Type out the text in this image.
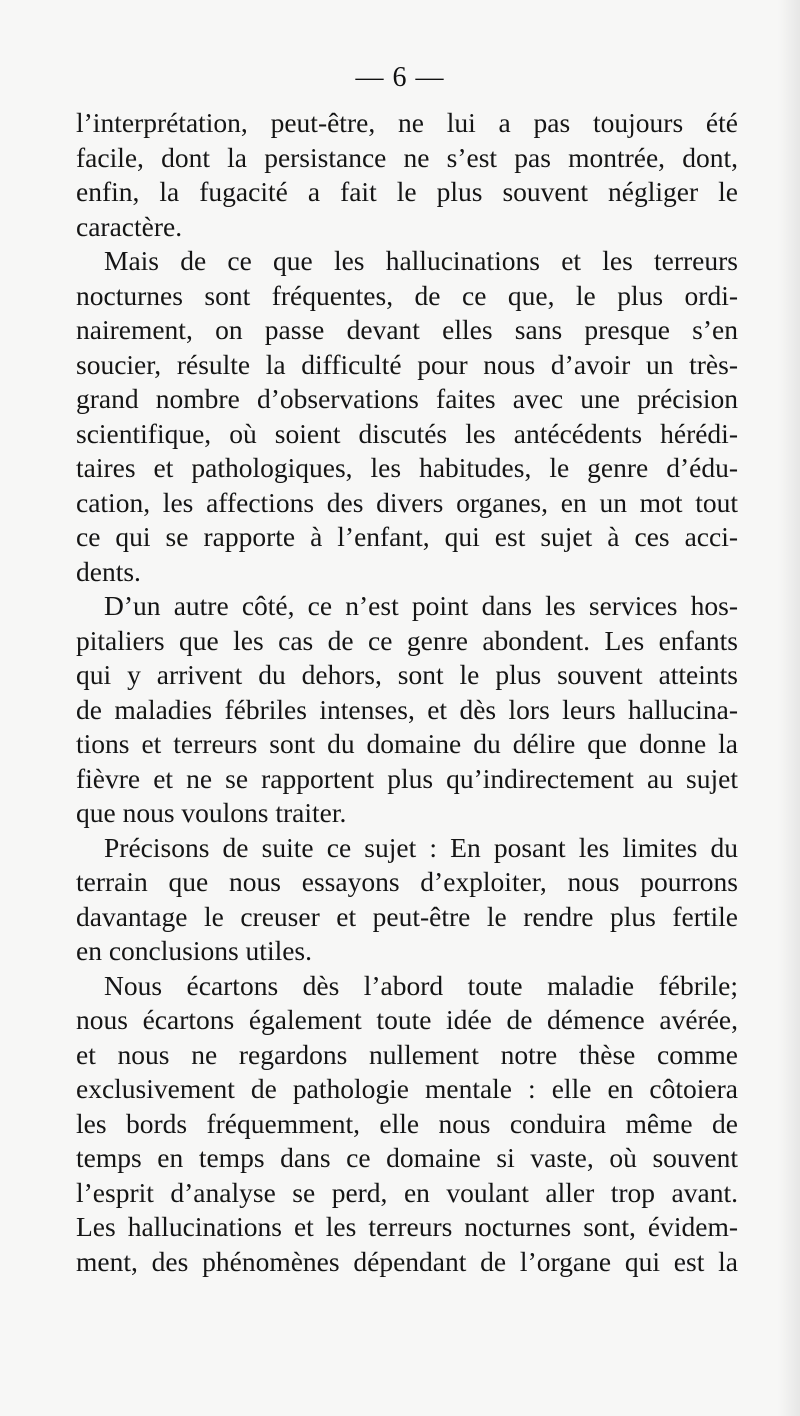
— 6 —
l’interprétation, peut-être, ne lui a pas toujours été
facile, dont la persistance ne s’est pas montrée, dont,
enfin, la fugacité a fait le plus souvent négliger le
caractère.
Mais de ce que les hallucinations et les terreurs
nocturnes sont fréquentes, de ce que, le plus ordi-
nairement, on passe devant elles sans presque s’en
soucier, résulte la difficulté pour nous d’avoir un très-
grand nombre d’observations faites avec une précision
scientifique, où soient discutés les antécédents hérédi-
taires et pathologiques, les habitudes, le genre d’édu-
cation, les affections des divers organes, en un mot tout
ce qui se rapporte à l’enfant, qui est sujet à ces acci-
dents.
D’un autre côté, ce n’est point dans les services hos-
pitaliers que les cas de ce genre abondent. Les enfants
qui y arrivent du dehors, sont le plus souvent atteints
de maladies fébriles intenses, et dès lors leurs hallucina-
tions et terreurs sont du domaine du délire que donne la
fièvre et ne se rapportent plus qu’indirectement au sujet
que nous voulons traiter.
Précisons de suite ce sujet : En posant les limites du
terrain que nous essayons d’exploiter, nous pourrons
davantage le creuser et peut-être le rendre plus fertile
en conclusions utiles.
Nous écartons dès l’abord toute maladie fébrile;
nous écartons également toute idée de démence avérée,
et nous ne regardons nullement notre thèse comme
exclusivement de pathologie mentale : elle en côtoiera
les bords fréquemment, elle nous conduira même de
temps en temps dans ce domaine si vaste, où souvent
l’esprit d’analyse se perd, en voulant aller trop avant.
Les hallucinations et les terreurs nocturnes sont, évidem-
ment, des phénomènes dépendant de l’organe qui est la
